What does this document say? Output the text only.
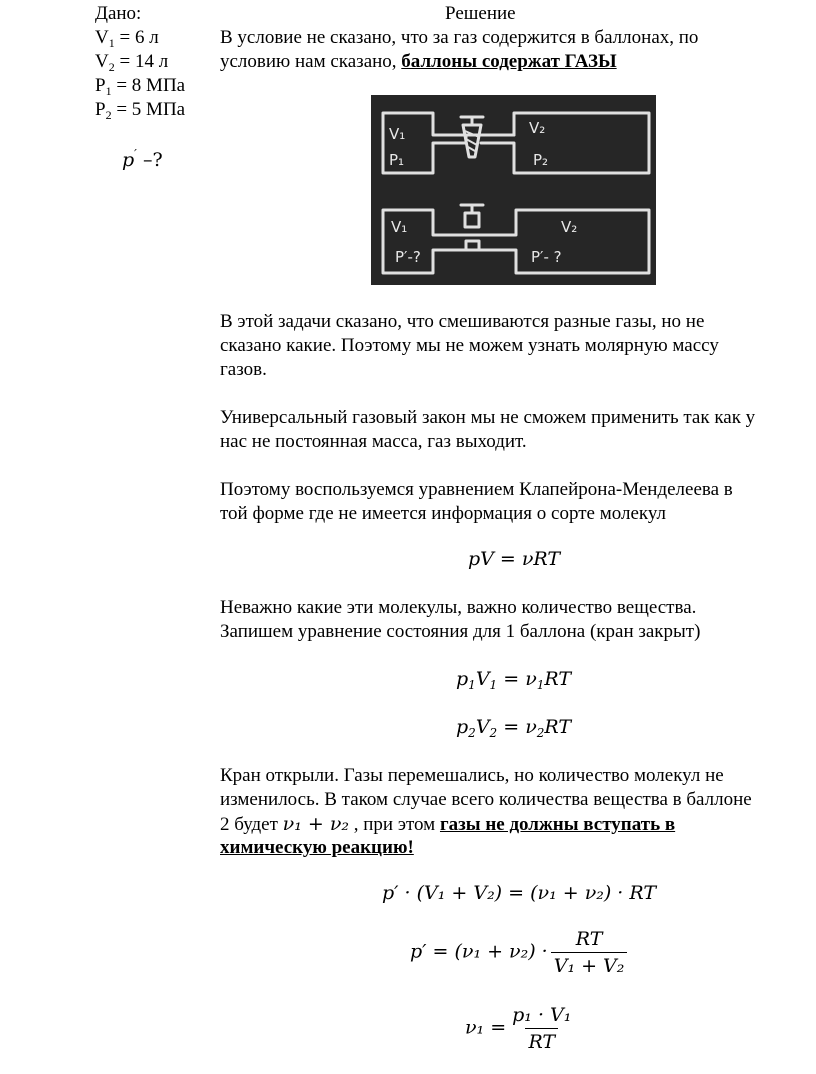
Дано:
$V_1 = 6$ л
$V_2 = 14$ л
$P_1 = 8$ МПа
$P_2 = 5$ МПа
p′ –?
Решение
В условие не сказано, что за газ содержится в баллонах, по
условию нам сказано, баллоны содержат ГАЗЫ
V₁
P₁
V₂
P₂
V₁
P′-?
V₂
P′- ?
В этой задачи сказано, что смешиваются разные газы, но не
сказано какие. Поэтому мы не можем узнать молярную массу
газов.
Универсальный газовый закон мы не сможем применить так как у
нас не постоянная масса, газ выходит.
Поэтому воспользуемся уравнением Клапейрона-Менделеева в
той форме где не имеется информация о сорте молекул
pV = νRT
Неважно какие эти молекулы, важно количество вещества.
Запишем уравнение состояния для 1 баллона (кран закрыт)
$p_1V_1 = \nu_1RT$
$p_2V_2 = \nu_2RT$
Кран открыли. Газы перемешались, но количество молекул не
изменилось. В таком случае всего количества вещества в баллоне
2 будет ν₁ + ν₂ , при этом газы не должны вступать в
химическую реакцию!
p′ · (V₁ + V₂) = (ν₁ + ν₂) · RT
$p' = (\nu_1 + \nu_2) \cdot \frac{RT}{\text{V₁ + V₂}}$
$\nu_1 = \frac{\text{p₁ · V₁}}{RT}$
